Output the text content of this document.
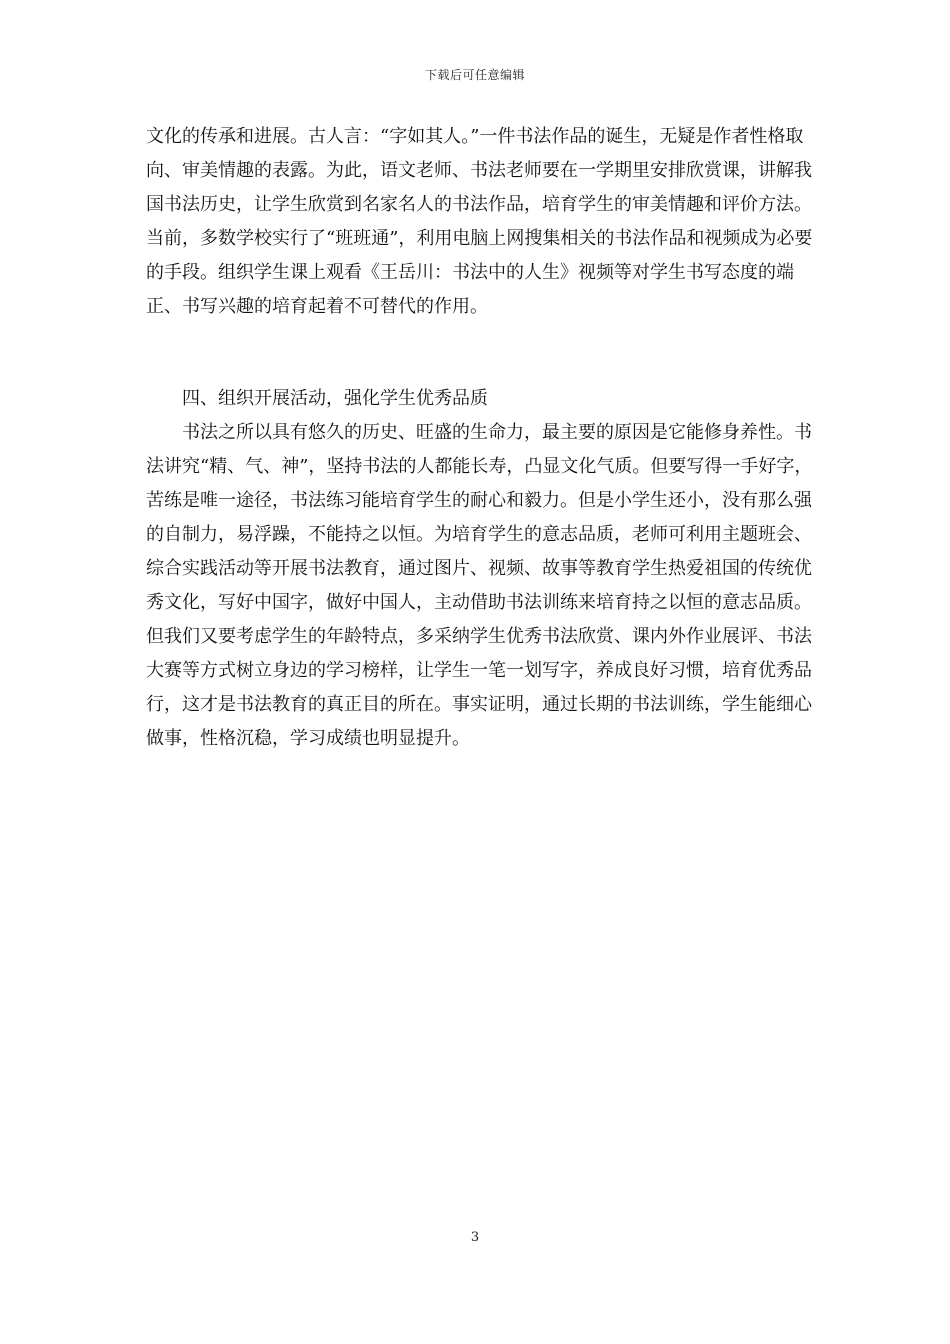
下载后可任意编辑

文化的传承和进展。古人言：“字如其人。”一件书法作品的诞生，无疑是作者性格取向、审美情趣的表露。为此，语文老师、书法老师要在一学期里安排欣赏课，讲解我国书法历史，让学生欣赏到名家名人的书法作品，培育学生的审美情趣和评价方法。当前，多数学校实行了“班班通”，利用电脑上网搜集相关的书法作品和视频成为必要的手段。组织学生课上观看《王岳川：书法中的人生》视频等对学生书写态度的端正、书写兴趣的培育起着不可替代的作用。

四、组织开展活动，强化学生优秀品质

书法之所以具有悠久的历史、旺盛的生命力，最主要的原因是它能修身养性。书法讲究“精、气、神”，坚持书法的人都能长寿，凸显文化气质。但要写得一手好字，苦练是唯一途径，书法练习能培育学生的耐心和毅力。但是小学生还小，没有那么强的自制力，易浮躁，不能持之以恒。为培育学生的意志品质，老师可利用主题班会、综合实践活动等开展书法教育，通过图片、视频、故事等教育学生热爱祖国的传统优秀文化，写好中国字，做好中国人，主动借助书法训练来培育持之以恒的意志品质。但我们又要考虑学生的年龄特点，多采纳学生优秀书法欣赏、课内外作业展评、书法大赛等方式树立身边的学习榜样，让学生一笔一划写字，养成良好习惯，培育优秀品行，这才是书法教育的真正目的所在。事实证明，通过长期的书法训练，学生能细心做事，性格沉稳，学习成绩也明显提升。

3
